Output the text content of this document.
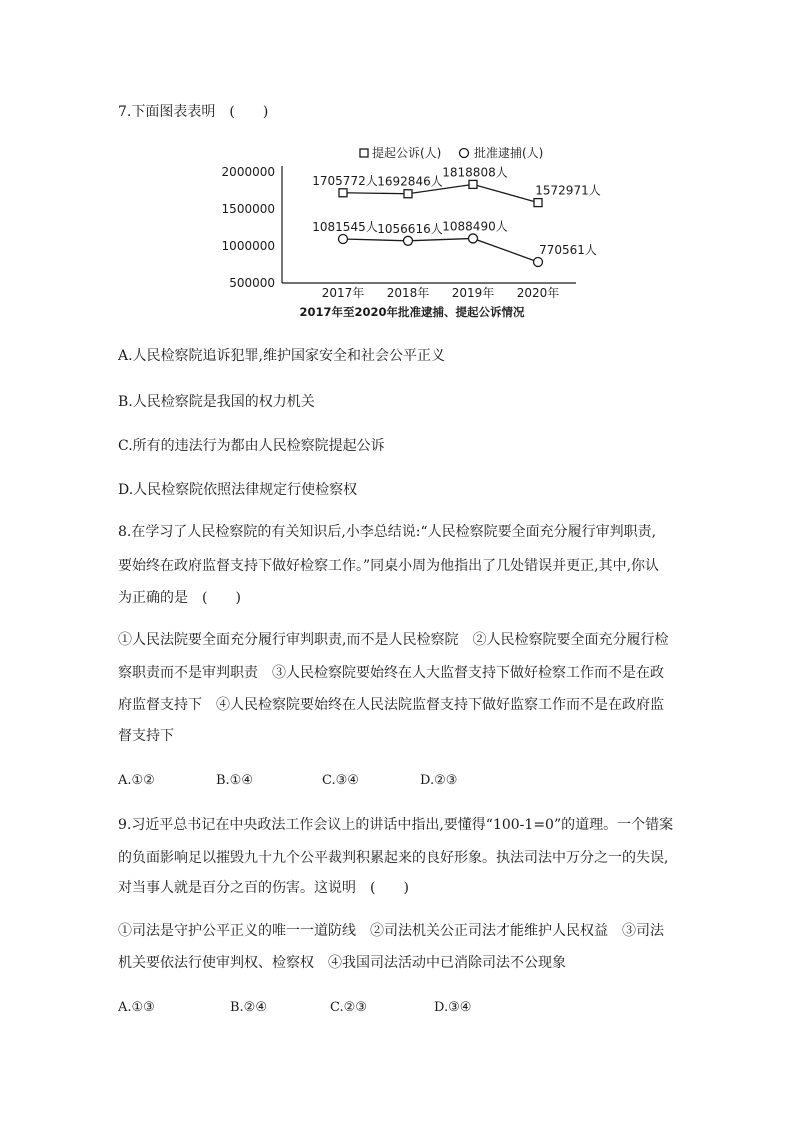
7.下面图表表明　(　　)
提起公诉(人)	批准逮捕(人)
2000000
1500000
1000000
500000
1705772人 1692846人
1818808人
1572971人
1081545人 1056616人 1088490人
770561人
2017年 2018年 2019年 2020年
2017年至2020年批准逮捕、提起公诉情况
A.人民检察院追诉犯罪,维护国家安全和社会公平正义
B.人民检察院是我国的权力机关
C.所有的违法行为都由人民检察院提起公诉
D.人民检察院依照法律规定行使检察权
8.在学习了人民检察院的有关知识后,小李总结说:“人民检察院要全面充分履行审判职责,
要始终在政府监督支持下做好检察工作。”同桌小周为他指出了几处错误并更正,其中,你认
为正确的是　(　　)
①人民法院要全面充分履行审判职责,而不是人民检察院　②人民检察院要全面充分履行检
察职责而不是审判职责　③人民检察院要始终在人大监督支持下做好检察工作而不是在政
府监督支持下　④人民检察院要始终在人民法院监督支持下做好监察工作而不是在政府监
督支持下
A.①②	B.①④	C.③④	D.②③
9.习近平总书记在中央政法工作会议上的讲话中指出,要懂得“100-1=0”的道理。一个错案
的负面影响足以摧毁九十九个公平裁判积累起来的良好形象。执法司法中万分之一的失误,
对当事人就是百分之百的伤害。这说明　(　　)
①司法是守护公平正义的唯一一道防线　②司法机关公正司法才能维护人民权益　③司法
机关要依法行使审判权、检察权　④我国司法活动中已消除司法不公现象
A.①③	B.②④	C.②③	D.③④
